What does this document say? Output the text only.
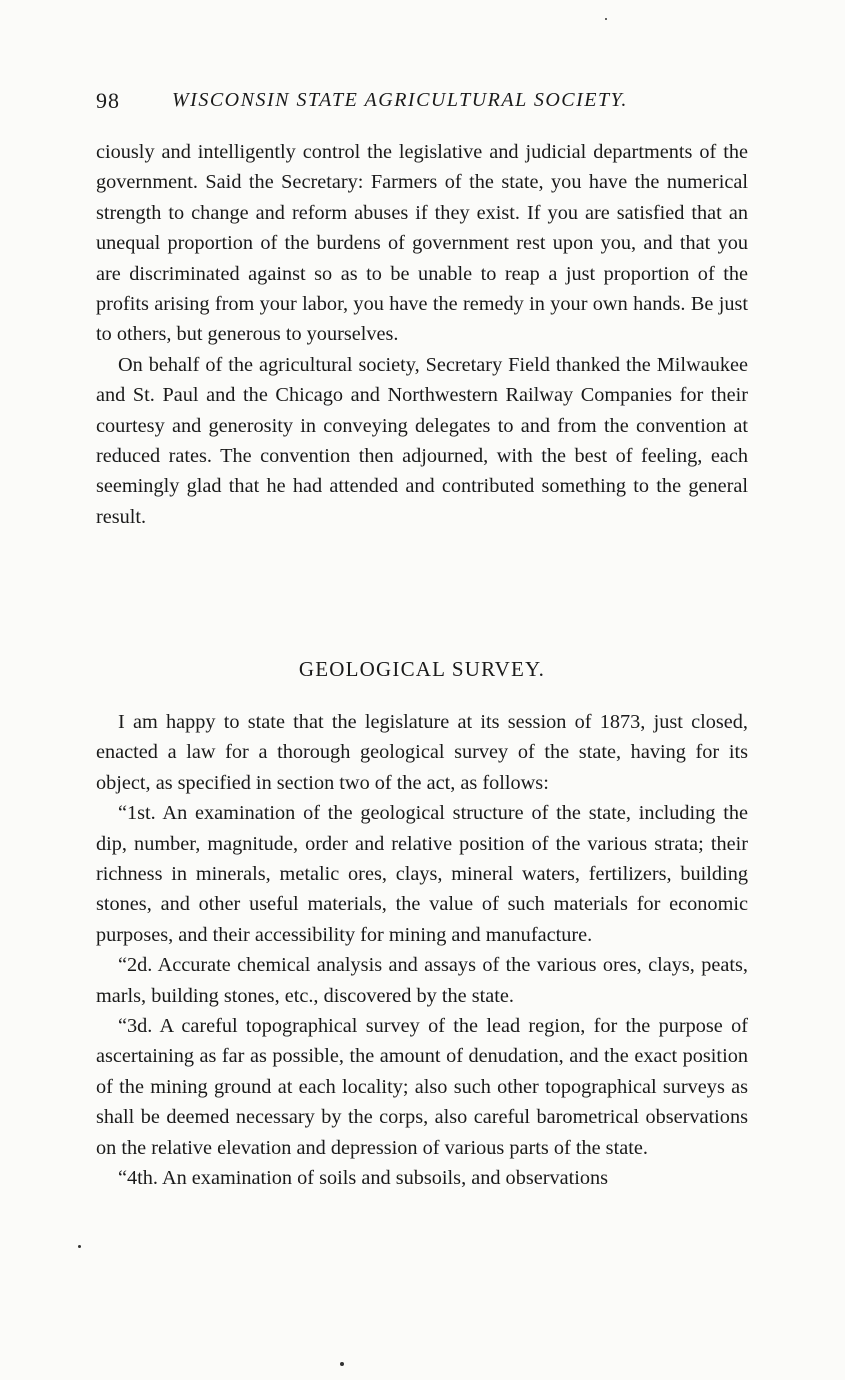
98	WISCONSIN STATE AGRICULTURAL SOCIETY.

ciously and intelligently control the legislative and judicial departments of the government. Said the Secretary: Farmers of the state, you have the numerical strength to change and reform abuses if they exist. If you are satisfied that an unequal proportion of the burdens of government rest upon you, and that you are discriminated against so as to be unable to reap a just proportion of the profits arising from your labor, you have the remedy in your own hands. Be just to others, but generous to yourselves.

On behalf of the agricultural society, Secretary Field thanked the Milwaukee and St. Paul and the Chicago and Northwestern Railway Companies for their courtesy and generosity in conveying delegates to and from the convention at reduced rates. The convention then adjourned, with the best of feeling, each seemingly glad that he had attended and contributed something to the general result.

GEOLOGICAL SURVEY.

I am happy to state that the legislature at its session of 1873, just closed, enacted a law for a thorough geological survey of the state, having for its object, as specified in section two of the act, as follows:

“1st. An examination of the geological structure of the state, including the dip, number, magnitude, order and relative position of the various strata; their richness in minerals, metalic ores, clays, mineral waters, fertilizers, building stones, and other useful materials, the value of such materials for economic purposes, and their accessibility for mining and manufacture.

“2d. Accurate chemical analysis and assays of the various ores, clays, peats, marls, building stones, etc., discovered by the state.

“3d. A careful topographical survey of the lead region, for the purpose of ascertaining as far as possible, the amount of denudation, and the exact position of the mining ground at each locality; also such other topographical surveys as shall be deemed necessary by the corps, also careful barometrical observations on the relative elevation and depression of various parts of the state.

“4th. An examination of soils and subsoils, and observations
